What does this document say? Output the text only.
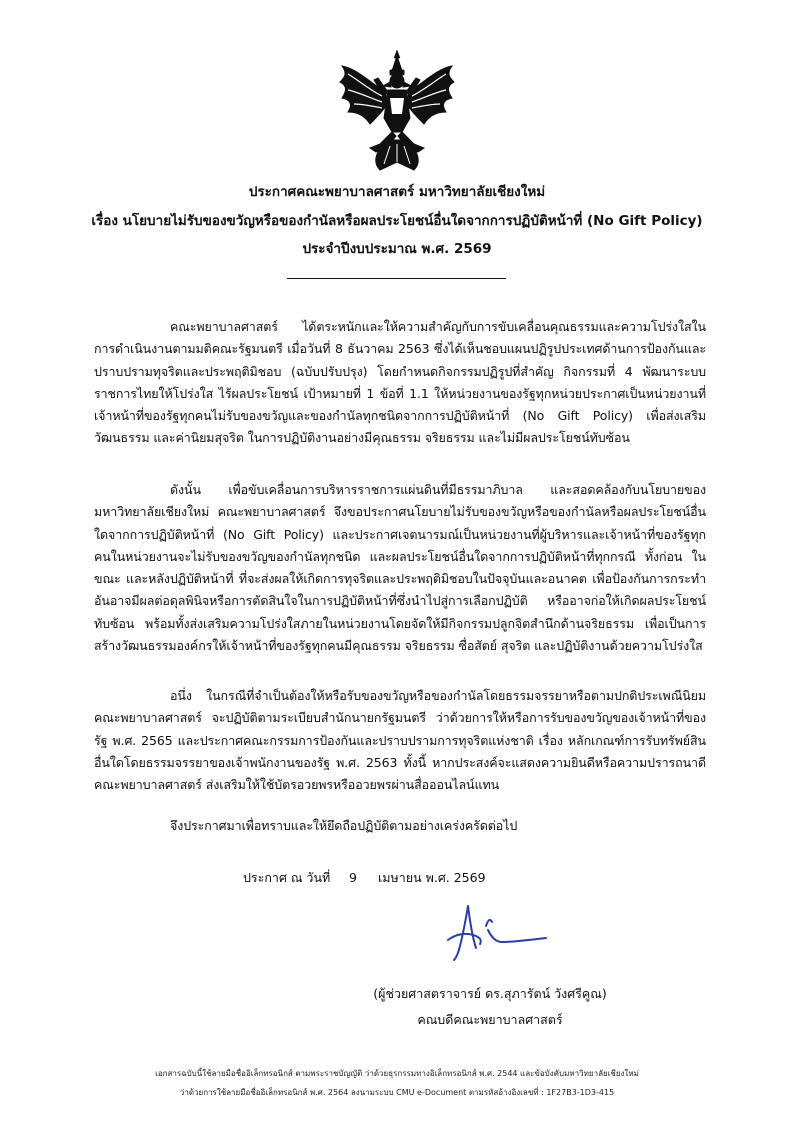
ประกาศคณะพยาบาลศาสตร์ มหาวิทยาลัยเชียงใหม่
เรื่อง นโยบายไม่รับของขวัญหรือของกำนัลหรือผลประโยชน์อื่นใดจากการปฏิบัติหน้าที่ (No Gift Policy)
ประจำปีงบประมาณ พ.ศ. 2569

คณะพยาบาลศาสตร์ ได้ตระหนักและให้ความสำคัญกับการขับเคลื่อนคุณธรรมและความโปร่งใสในการดำเนินงานตามมติคณะรัฐมนตรี เมื่อวันที่ 8 ธันวาคม 2563 ซึ่งได้เห็นชอบแผนปฏิรูปประเทศด้านการป้องกันและปราบปรามทุจริตและประพฤติมิชอบ (ฉบับปรับปรุง) โดยกำหนดกิจกรรมปฏิรูปที่สำคัญ กิจกรรมที่ 4 พัฒนาระบบราชการไทยให้โปร่งใส ไร้ผลประโยชน์ เป้าหมายที่ 1 ข้อที่ 1.1 ให้หน่วยงานของรัฐทุกหน่วยประกาศเป็นหน่วยงานที่เจ้าหน้าที่ของรัฐทุกคนไม่รับของขวัญและของกำนัลทุกชนิดจากการปฏิบัติหน้าที่ (No Gift Policy) เพื่อส่งเสริมวัฒนธรรม และค่านิยมสุจริต ในการปฏิบัติงานอย่างมีคุณธรรม จริยธรรม และไม่มีผลประโยชน์ทับซ้อน

ดังนั้น เพื่อขับเคลื่อนการบริหารราชการแผ่นดินที่มีธรรมาภิบาล และสอดคล้องกับนโยบายของมหาวิทยาลัยเชียงใหม่ คณะพยาบาลศาสตร์ จึงขอประกาศนโยบายไม่รับของขวัญหรือของกำนัลหรือผลประโยชน์อื่นใดจากการปฏิบัติหน้าที่ (No Gift Policy) และประกาศเจตนารมณ์เป็นหน่วยงานที่ผู้บริหารและเจ้าหน้าที่ของรัฐทุกคนในหน่วยงานจะไม่รับของขวัญของกำนัลทุกชนิด และผลประโยชน์อื่นใดจากการปฏิบัติหน้าที่ทุกกรณี ทั้งก่อน ในขณะ และหลังปฏิบัติหน้าที่ ที่จะส่งผลให้เกิดการทุจริตและประพฤติมิชอบในปัจจุบันและอนาคต เพื่อป้องกันการกระทำอันอาจมีผลต่อดุลพินิจหรือการตัดสินใจในการปฏิบัติหน้าที่ซึ่งนำไปสู่การเลือกปฏิบัติ หรืออาจก่อให้เกิดผลประโยชน์ทับซ้อน พร้อมทั้งส่งเสริมความโปร่งใสภายในหน่วยงานโดยจัดให้มีกิจกรรมปลูกจิตสำนึกด้านจริยธรรม เพื่อเป็นการสร้างวัฒนธรรมองค์กรให้เจ้าหน้าที่ของรัฐทุกคนมีคุณธรรม จริยธรรม ซื่อสัตย์ สุจริต และปฏิบัติงานด้วยความโปร่งใส

อนึ่ง ในกรณีที่จำเป็นต้องให้หรือรับของขวัญหรือของกำนัลโดยธรรมจรรยาหรือตามปกติประเพณีนิยม คณะพยาบาลศาสตร์ จะปฏิบัติตามระเบียบสำนักนายกรัฐมนตรี ว่าด้วยการให้หรือการรับของขวัญของเจ้าหน้าที่ของรัฐ พ.ศ. 2565 และประกาศคณะกรรมการป้องกันและปราบปรามการทุจริตแห่งชาติ เรื่อง หลักเกณฑ์การรับทรัพย์สินอื่นใดโดยธรรมจรรยาของเจ้าพนักงานของรัฐ พ.ศ. 2563 ทั้งนี้ หากประสงค์จะแสดงความยินดีหรือความปรารถนาดี คณะพยาบาลศาสตร์ ส่งเสริมให้ใช้บัตรอวยพรหรืออวยพรผ่านสื่อออนไลน์แทน

จึงประกาศมาเพื่อทราบและให้ยึดถือปฏิบัติตามอย่างเคร่งครัดต่อไป

ประกาศ ณ วันที่ 9 เมษายน พ.ศ. 2569
(ผู้ช่วยศาสตราจารย์ ดร.สุภารัตน์ วังศรีคูณ)
คณบดีคณะพยาบาลศาสตร์
เอกสารฉบับนี้ใช้ลายมือชื่ออิเล็กทรอนิกส์ ตามพระราชบัญญัติ ว่าด้วยธุรกรรมทางอิเล็กทรอนิกส์ พ.ศ. 2544 และข้อบังคับมหาวิทยาลัยเชียงใหม่
ว่าด้วยการใช้ลายมือชื่ออิเล็กทรอนิกส์ พ.ศ. 2564 ลงนามระบบ CMU e-Document ตามรหัสอ้างอิงเลขที่ : 1F27B3-1D3-415
